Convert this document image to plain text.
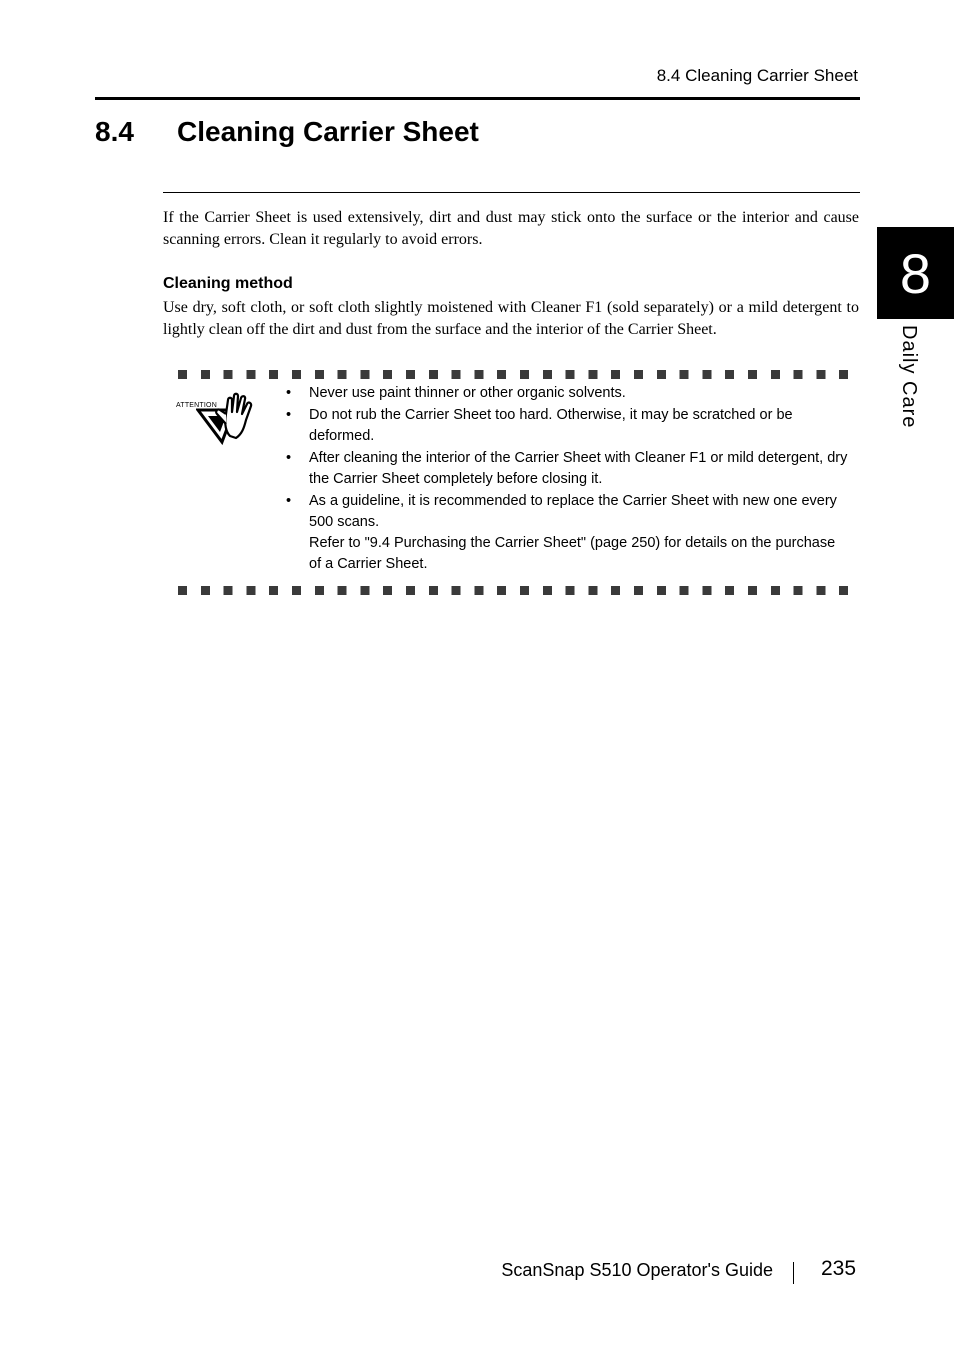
8.4 Cleaning Carrier Sheet
8.4 Cleaning Carrier Sheet

If the Carrier Sheet is used extensively, dirt and dust may stick onto the surface or the interior and cause scanning errors. Clean it regularly to avoid errors.

Cleaning method

Use dry, soft cloth, or soft cloth slightly moistened with Cleaner F1 (sold separately) or a mild detergent to lightly clean off the dirt and dust from the surface and the interior of the Carrier Sheet.

ATTENTION
• Never use paint thinner or other organic solvents.
• Do not rub the Carrier Sheet too hard. Otherwise, it may be scratched or be deformed.
• After cleaning the interior of the Carrier Sheet with Cleaner F1 or mild detergent, dry the Carrier Sheet completely before closing it.
• As a guideline, it is recommended to replace the Carrier Sheet with new one every 500 scans.
Refer to "9.4 Purchasing the Carrier Sheet" (page 250) for details on the purchase of a Carrier Sheet.
8
Daily Care
ScanSnap S510 Operator's Guide 235
